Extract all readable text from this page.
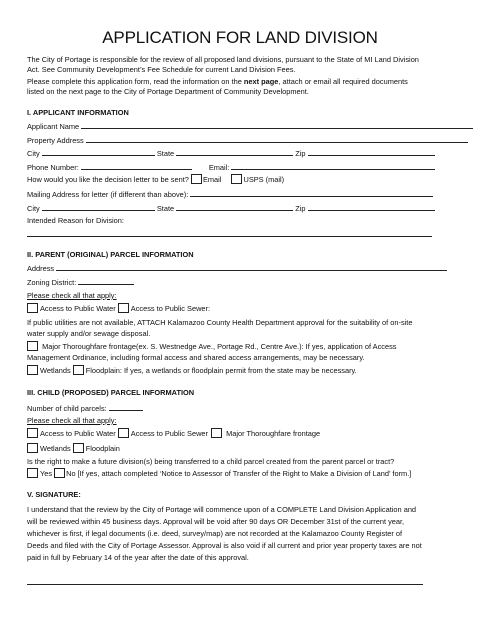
APPLICATION FOR LAND DIVISION
The City of Portage is responsible for the review of all proposed land divisions, pursuant to the State of MI Land Division
Act. See Community Development’s Fee Schedule for current Land Division Fees.
Please complete this application form, read the information on the next page, attach or email all required documents
listed on the next page to the City of Portage Department of Community Development.
I. APPLICANT INFORMATION
Applicant Name
Property Address
City	State	Zip
Phone Number:	Email:
How would you like the decision letter to be sent? Email	USPS (mail)
Mailing Address for letter (if different than above):
City	State	Zip
Intended Reason for Division:
II. PARENT (ORIGINAL) PARCEL INFORMATION
Address
Zoning District:
Please check all that apply:
Access to Public Water Access to Public Sewer:
If public utilities are not available, ATTACH Kalamazoo County Health Department approval for the suitability of on-site
water supply and/or sewage disposal.
Major Thoroughfare frontage(ex. S. Westnedge Ave., Portage Rd., Centre Ave.): If yes, application of Access
Management Ordinance, including formal access and shared access arrangements, may be necessary.
Wetlands Floodplain: If yes, a wetlands or floodplain permit from the state may be necessary.
III. CHILD (PROPOSED) PARCEL INFORMATION
Number of child parcels:
Please check all that apply:
Access to Public Water Access to Public Sewer Major Thoroughfare frontage
Wetlands Floodplain
Is the right to make a future division(s) being transferred to a child parcel created from the parent parcel or tract?
Yes No [If yes, attach completed ‘Notice to Assessor of Transfer of the Right to Make a Division of Land’ form.]
V. SIGNATURE:
I understand that the review by the City of Portage will commence upon of a COMPLETE Land Division Application and
will be reviewed within 45 business days. Approval will be void after 90 days OR December 31st of the current year,
whichever is first, if legal documents (i.e. deed, survey/map) are not recorded at the Kalamazoo County Register of
Deeds and filed with the City of Portage Assessor. Approval is also void if all current and prior year property taxes are not
paid in full by February 14 of the year after the date of this approval.
